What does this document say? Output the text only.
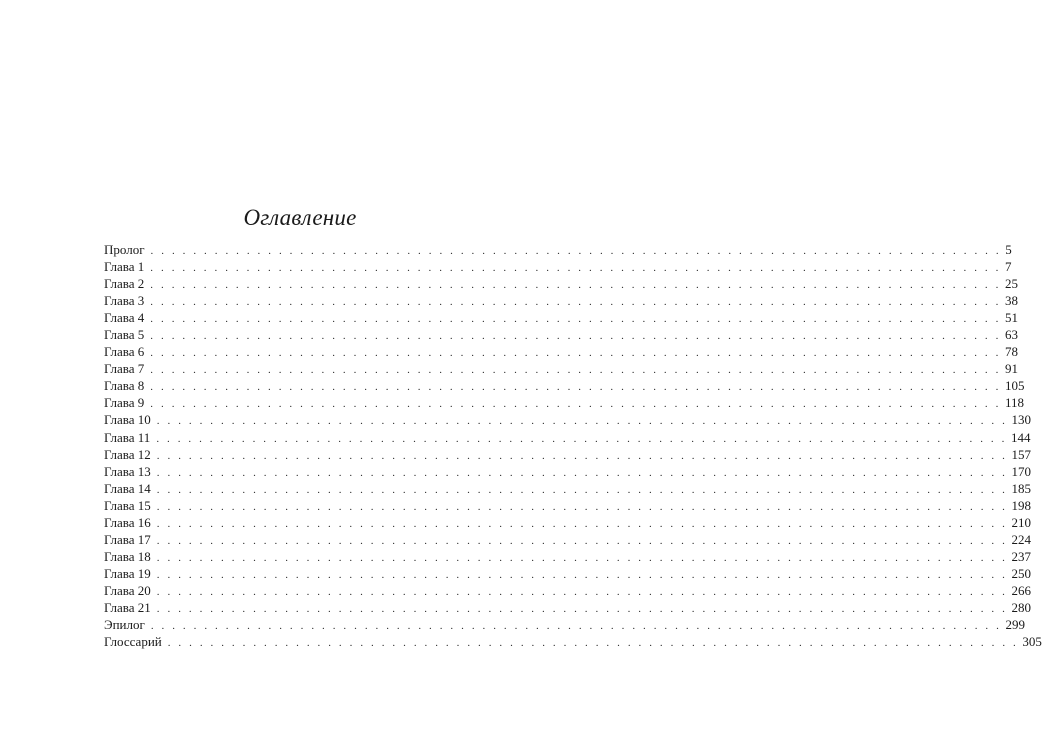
Оглавление
Пролог . . . . . . . . . . . . . . . . . . . . . . . . . . . . . . . . . . . . . . . . . . . . . . . . . . . . . . . . . . . . . . . . . . . . . . . . . . . . . . . . 5
Глава 1 . . . . . . . . . . . . . . . . . . . . . . . . . . . . . . . . . . . . . . . . . . . . . . . . . . . . . . . . . . . . . . . . . . . . . . . . . . . . . . . . 7
Глава 2 . . . . . . . . . . . . . . . . . . . . . . . . . . . . . . . . . . . . . . . . . . . . . . . . . . . . . . . . . . . . . . . . . . . . . . . . . . . . . . . . 25
Глава 3 . . . . . . . . . . . . . . . . . . . . . . . . . . . . . . . . . . . . . . . . . . . . . . . . . . . . . . . . . . . . . . . . . . . . . . . . . . . . . . . . 38
Глава 4 . . . . . . . . . . . . . . . . . . . . . . . . . . . . . . . . . . . . . . . . . . . . . . . . . . . . . . . . . . . . . . . . . . . . . . . . . . . . . . . . 51
Глава 5 . . . . . . . . . . . . . . . . . . . . . . . . . . . . . . . . . . . . . . . . . . . . . . . . . . . . . . . . . . . . . . . . . . . . . . . . . . . . . . . . 63
Глава 6 . . . . . . . . . . . . . . . . . . . . . . . . . . . . . . . . . . . . . . . . . . . . . . . . . . . . . . . . . . . . . . . . . . . . . . . . . . . . . . . . 78
Глава 7 . . . . . . . . . . . . . . . . . . . . . . . . . . . . . . . . . . . . . . . . . . . . . . . . . . . . . . . . . . . . . . . . . . . . . . . . . . . . . . . . 91
Глава 8 . . . . . . . . . . . . . . . . . . . . . . . . . . . . . . . . . . . . . . . . . . . . . . . . . . . . . . . . . . . . . . . . . . . . . . . . . . . . . . . . 105
Глава 9 . . . . . . . . . . . . . . . . . . . . . . . . . . . . . . . . . . . . . . . . . . . . . . . . . . . . . . . . . . . . . . . . . . . . . . . . . . . . . . . . 118
Глава 10 . . . . . . . . . . . . . . . . . . . . . . . . . . . . . . . . . . . . . . . . . . . . . . . . . . . . . . . . . . . . . . . . . . . . . . . . . . . . . . . . 130
Глава 11 . . . . . . . . . . . . . . . . . . . . . . . . . . . . . . . . . . . . . . . . . . . . . . . . . . . . . . . . . . . . . . . . . . . . . . . . . . . . . . . . 144
Глава 12 . . . . . . . . . . . . . . . . . . . . . . . . . . . . . . . . . . . . . . . . . . . . . . . . . . . . . . . . . . . . . . . . . . . . . . . . . . . . . . . . 157
Глава 13 . . . . . . . . . . . . . . . . . . . . . . . . . . . . . . . . . . . . . . . . . . . . . . . . . . . . . . . . . . . . . . . . . . . . . . . . . . . . . . . . 170
Глава 14 . . . . . . . . . . . . . . . . . . . . . . . . . . . . . . . . . . . . . . . . . . . . . . . . . . . . . . . . . . . . . . . . . . . . . . . . . . . . . . . . 185
Глава 15 . . . . . . . . . . . . . . . . . . . . . . . . . . . . . . . . . . . . . . . . . . . . . . . . . . . . . . . . . . . . . . . . . . . . . . . . . . . . . . . . 198
Глава 16 . . . . . . . . . . . . . . . . . . . . . . . . . . . . . . . . . . . . . . . . . . . . . . . . . . . . . . . . . . . . . . . . . . . . . . . . . . . . . . . . 210
Глава 17 . . . . . . . . . . . . . . . . . . . . . . . . . . . . . . . . . . . . . . . . . . . . . . . . . . . . . . . . . . . . . . . . . . . . . . . . . . . . . . . . 224
Глава 18 . . . . . . . . . . . . . . . . . . . . . . . . . . . . . . . . . . . . . . . . . . . . . . . . . . . . . . . . . . . . . . . . . . . . . . . . . . . . . . . . 237
Глава 19 . . . . . . . . . . . . . . . . . . . . . . . . . . . . . . . . . . . . . . . . . . . . . . . . . . . . . . . . . . . . . . . . . . . . . . . . . . . . . . . . 250
Глава 20 . . . . . . . . . . . . . . . . . . . . . . . . . . . . . . . . . . . . . . . . . . . . . . . . . . . . . . . . . . . . . . . . . . . . . . . . . . . . . . . . 266
Глава 21 . . . . . . . . . . . . . . . . . . . . . . . . . . . . . . . . . . . . . . . . . . . . . . . . . . . . . . . . . . . . . . . . . . . . . . . . . . . . . . . . 280
Эпилог . . . . . . . . . . . . . . . . . . . . . . . . . . . . . . . . . . . . . . . . . . . . . . . . . . . . . . . . . . . . . . . . . . . . . . . . . . . . . . . . 299
Глоссарий . . . . . . . . . . . . . . . . . . . . . . . . . . . . . . . . . . . . . . . . . . . . . . . . . . . . . . . . . . . . . . . . . . . . . . . . . . . . . . . . 305
